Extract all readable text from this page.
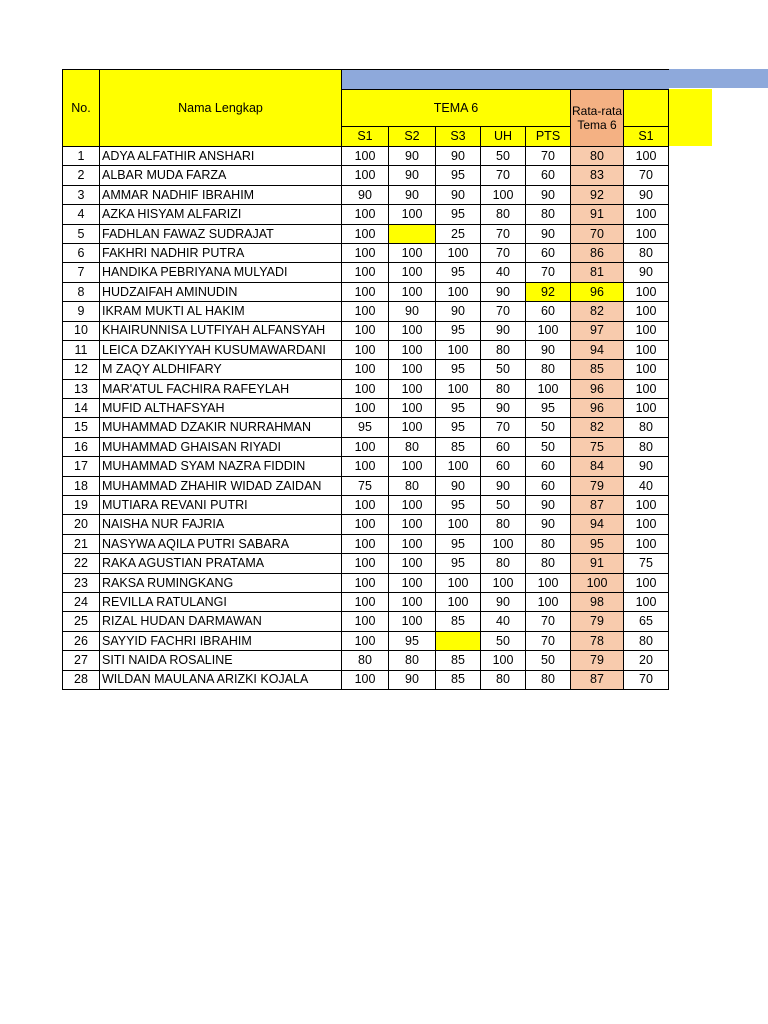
No.	Nama Lengkap							
		TEMA 6					Rata-rata Tema 6	
		S1	S2	S3	UH	PTS		S1
1	ADYA ALFATHIR ANSHARI	100	90	90	50	70	80	100
2	ALBAR MUDA FARZA	100	90	95	70	60	83	70
3	AMMAR NADHIF IBRAHIM	90	90	90	100	90	92	90
4	AZKA HISYAM ALFARIZI	100	100	95	80	80	91	100
5	FADHLAN FAWAZ SUDRAJAT	100		25	70	90	70	100
6	FAKHRI NADHIR PUTRA	100	100	100	70	60	86	80
7	HANDIKA PEBRIYANA MULYADI	100	100	95	40	70	81	90
8	HUDZAIFAH AMINUDIN	100	100	100	90	92	96	100
9	IKRAM MUKTI AL HAKIM	100	90	90	70	60	82	100
10	KHAIRUNNISA LUTFIYAH ALFANSYAH	100	100	95	90	100	97	100
11	LEICA DZAKIYYAH KUSUMAWARDANI	100	100	100	80	90	94	100
12	M ZAQY ALDHIFARY	100	100	95	50	80	85	100
13	MAR'ATUL FACHIRA RAFEYLAH	100	100	100	80	100	96	100
14	MUFID ALTHAFSYAH	100	100	95	90	95	96	100
15	MUHAMMAD DZAKIR NURRAHMAN	95	100	95	70	50	82	80
16	MUHAMMAD GHAISAN RIYADI	100	80	85	60	50	75	80
17	MUHAMMAD SYAM NAZRA FIDDIN	100	100	100	60	60	84	90
18	MUHAMMAD ZHAHIR WIDAD ZAIDAN	75	80	90	90	60	79	40
19	MUTIARA REVANI PUTRI	100	100	95	50	90	87	100
20	NAISHA NUR FAJRIA	100	100	100	80	90	94	100
21	NASYWA AQILA PUTRI SABARA	100	100	95	100	80	95	100
22	RAKA AGUSTIAN PRATAMA	100	100	95	80	80	91	75
23	RAKSA RUMINGKANG	100	100	100	100	100	100	100
24	REVILLA RATULANGI	100	100	100	90	100	98	100
25	RIZAL HUDAN DARMAWAN	100	100	85	40	70	79	65
26	SAYYID FACHRI IBRAHIM	100	95		50	70	78	80
27	SITI NAIDA ROSALINE	80	80	85	100	50	79	20
28	WILDAN MAULANA ARIZKI KOJALA	100	90	85	80	80	87	70
